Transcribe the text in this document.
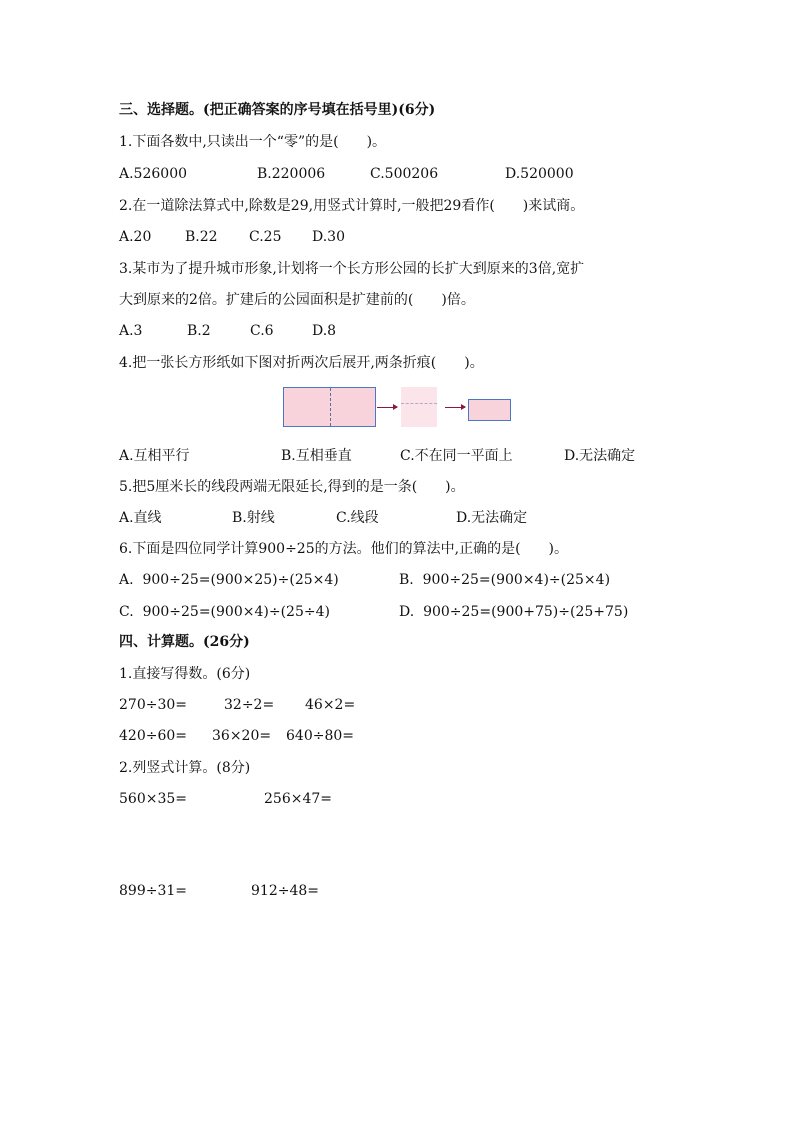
三、选择题。(把正确答案的序号填在括号里)(6分)
1.下面各数中,只读出一个“零”的是(　　)。
A.526000	B.220006	C.500206	D.520000
2.在一道除法算式中,除数是29,用竖式计算时,一般把29看作(　　)来试商。
A.20 B.22 C.25 D.30
3.某市为了提升城市形象,计划将一个长方形公园的长扩大到原来的3倍,宽扩
大到原来的2倍。扩建后的公园面积是扩建前的(　　)倍。
A.3	B.2	C.6	D.8
4.把一张长方形纸如下图对折两次后展开,两条折痕(　　)。
A.互相平行	B.互相垂直	C.不在同一平面上	D.无法确定
5.把5厘米长的线段两端无限延长,得到的是一条(　　)。
A.直线	B.射线	C.线段	D.无法确定
6.下面是四位同学计算900÷25的方法。他们的算法中,正确的是(　　)。
A.  900÷25=(900×25)÷(25×4)	B.  900÷25=(900×4)÷(25×4)
C.  900÷25=(900×4)÷(25÷4)	D.  900÷25=(900+75)÷(25+75)
四、计算题。(26分)
1.直接写得数。(6分)
270÷30=	32÷2= 46×2=
420÷60= 36×20= 640÷80=
2.列竖式计算。(8分)
560×35=	256×47=
899÷31=	912÷48=
